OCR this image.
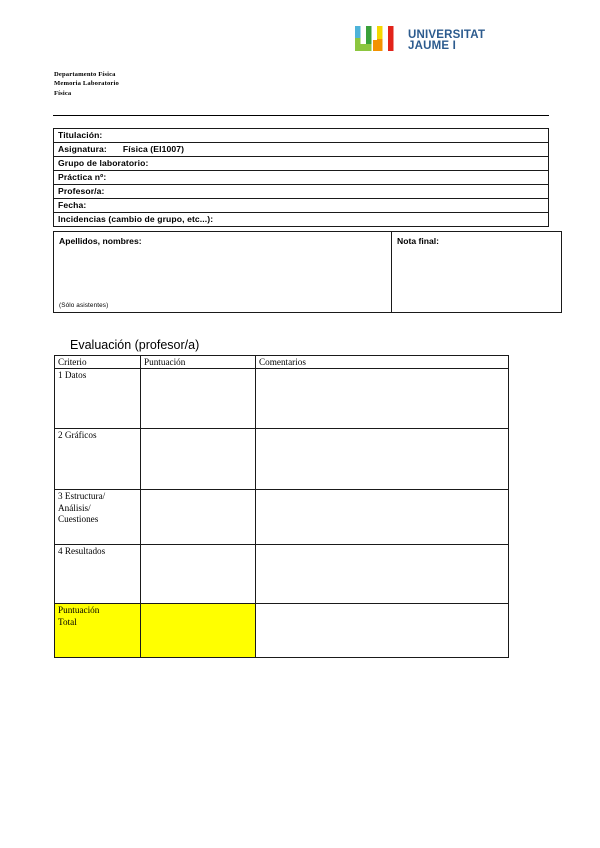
UNIVERSITAT
JAUME I
Departamento Física
Memoria Laboratorio
Física
Titulación:

Asignatura:	Física (EI1007)

Grupo de laboratorio:
Práctica nº:
Profesor/a:
Fecha:
Incidencias (cambio de grupo, etc...):
Apellidos, nombres:
(Sólo asistentes)
	Nota final:
Evaluación (profesor/a)
Criterio	Puntuación	Comentarios

1 Datos		

2 Gráficos		

3 Estructura/
Análisis/
Cuestiones		

4 Resultados		

Puntuación
Total		
